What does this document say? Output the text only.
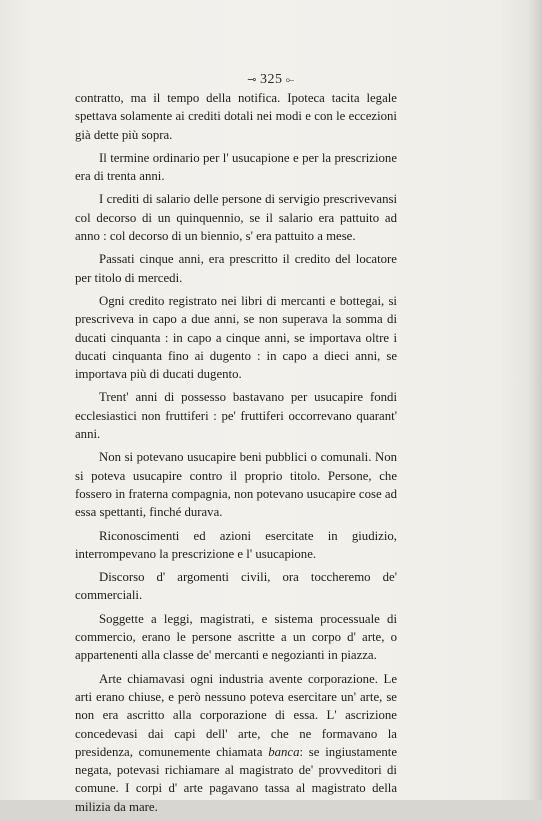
⊸ 325 ⟜

contratto, ma il tempo della notifica. Ipoteca tacita legale spettava solamente ai crediti dotali nei modi e con le eccezioni già dette più sopra.

Il termine ordinario per l' usucapione e per la prescrizione era di trenta anni.

I crediti di salario delle persone di servigio prescrivevansi col decorso di un quinquennio, se il salario era pattuito ad anno : col decorso di un biennio, s' era pattuito a mese.

Passati cinque anni, era prescritto il credito del locatore per titolo di mercedi.

Ogni credito registrato nei libri di mercanti e bottegai, si prescriveva in capo a due anni, se non superava la somma di ducati cinquanta : in capo a cinque anni, se importava oltre i ducati cinquanta fino ai dugento : in capo a dieci anni, se importava più di ducati dugento.

Trent' anni di possesso bastavano per usucapire fondi ecclesiastici non fruttiferi : pe' fruttiferi occorrevano quarant' anni.

Non si potevano usucapire beni pubblici o comunali. Non si poteva usucapire contro il proprio titolo. Persone, che fossero in fraterna compagnia, non potevano usucapire cose ad essa spettanti, finché durava.

Riconoscimenti ed azioni esercitate in giudizio, interrompevano la prescrizione e l' usucapione.

Discorso d' argomenti civili, ora toccheremo de' commerciali.

Soggette a leggi, magistrati, e sistema processuale di commercio, erano le persone ascritte a un corpo d' arte, o appartenenti alla classe de' mercanti e negozianti in piazza.

Arte chiamavasi ogni industria avente corporazione. Le arti erano chiuse, e però nessuno poteva esercitare un' arte, se non era ascritto alla corporazione di essa. L' ascrizione concedevasi dai capi dell' arte, che ne formavano la presidenza, comunemente chiamata banca: se ingiustamente negata, potevasi richiamare al magistrato de' provveditori di comune. I corpi d' arte pagavano tassa al magistrato della milizia da mare.
